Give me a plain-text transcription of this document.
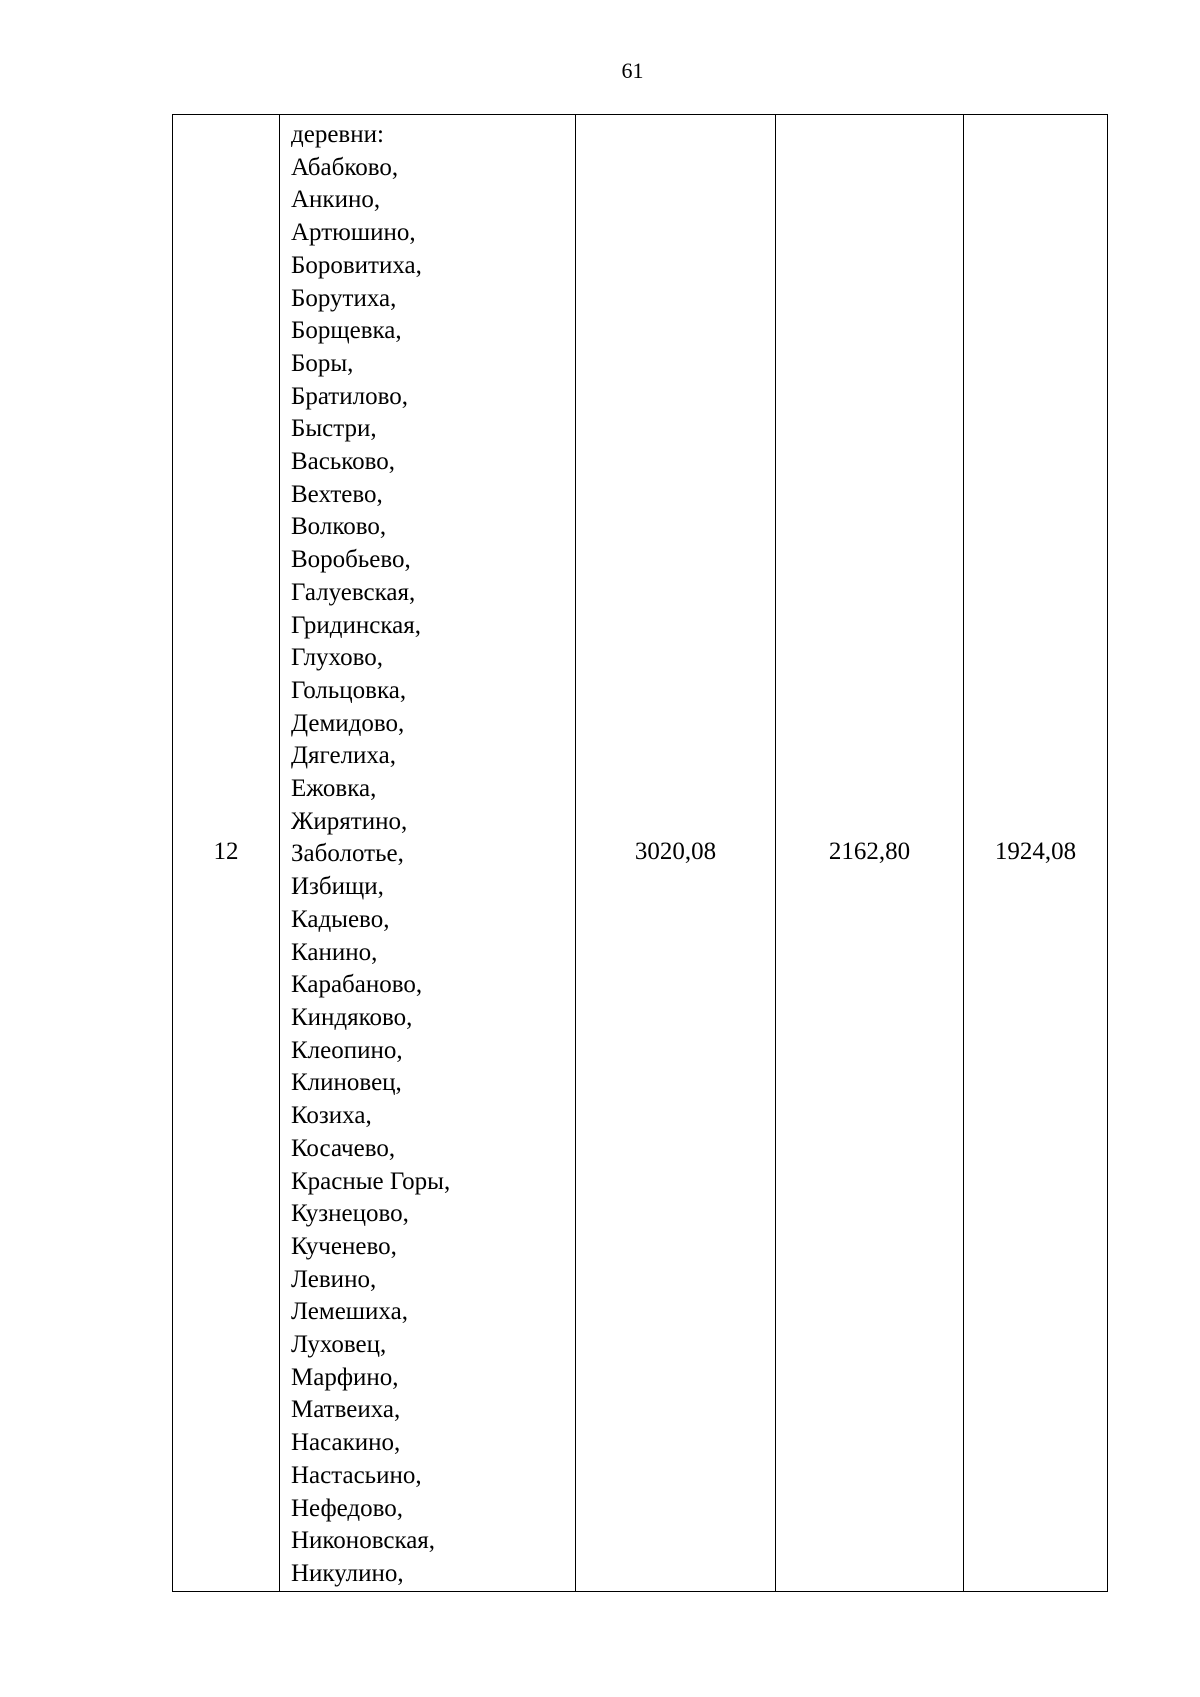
61
12	
деревни:
Абабково,
Анкино,
Артюшино,
Боровитиха,
Борутиха,
Борщевка,
Боры,
Братилово,
Быстри,
Васьково,
Вехтево,
Волково,
Воробьево,
Галуевская,
Гридинская,
Глухово,
Гольцовка,
Демидово,
Дягелиха,
Ежовка,
Жирятино,
Заболотье,
Избищи,
Кадыево,
Канино,
Карабаново,
Киндяково,
Клеопино,
Клиновец,
Козиха,
Косачево,
Красные Горы,
Кузнецово,
Кученево,
Левино,
Лемешиха,
Луховец,
Марфино,
Матвеиха,
Насакино,
Настасьино,
Нефедово,
Никоновская,
Никулино,
	3020,08	2162,80	1924,08
